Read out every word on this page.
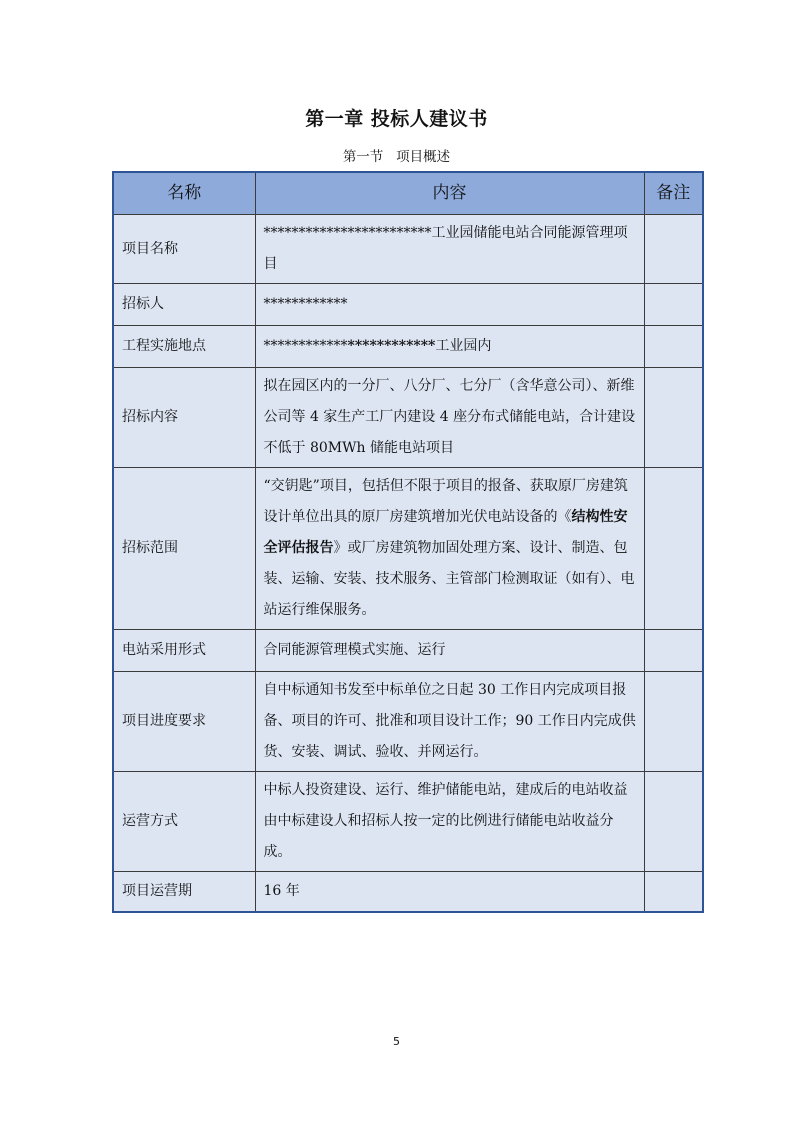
第一章 投标人建议书
第一节   项目概述
名称	内容	备注
项目名称	************************工业园储能电站合同能源管理项目	
招标人	************	
工程实施地点	************************工业园内	
招标内容	拟在园区内的一分厂、八分厂、七分厂（含华意公司）、新维公司等 4 家生产工厂内建设 4 座分布式储能电站，合计建设不低于 80MWh 储能电站项目	
招标范围	“交钥匙”项目，包括但不限于项目的报备、获取原厂房建筑设计单位出具的原厂房建筑增加光伏电站设备的《结构性安全评估报告》或厂房建筑物加固处理方案、设计、制造、包装、运输、安装、技术服务、主管部门检测取证（如有）、电站运行维保服务。	
电站采用形式	合同能源管理模式实施、运行	
项目进度要求	自中标通知书发至中标单位之日起 30 工作日内完成项目报备、项目的许可、批准和项目设计工作；90 工作日内完成供货、安装、调试、验收、并网运行。	
运营方式	中标人投资建设、运行、维护储能电站，建成后的电站收益由中标建设人和招标人按一定的比例进行储能电站收益分成。	
项目运营期	16 年	

5
